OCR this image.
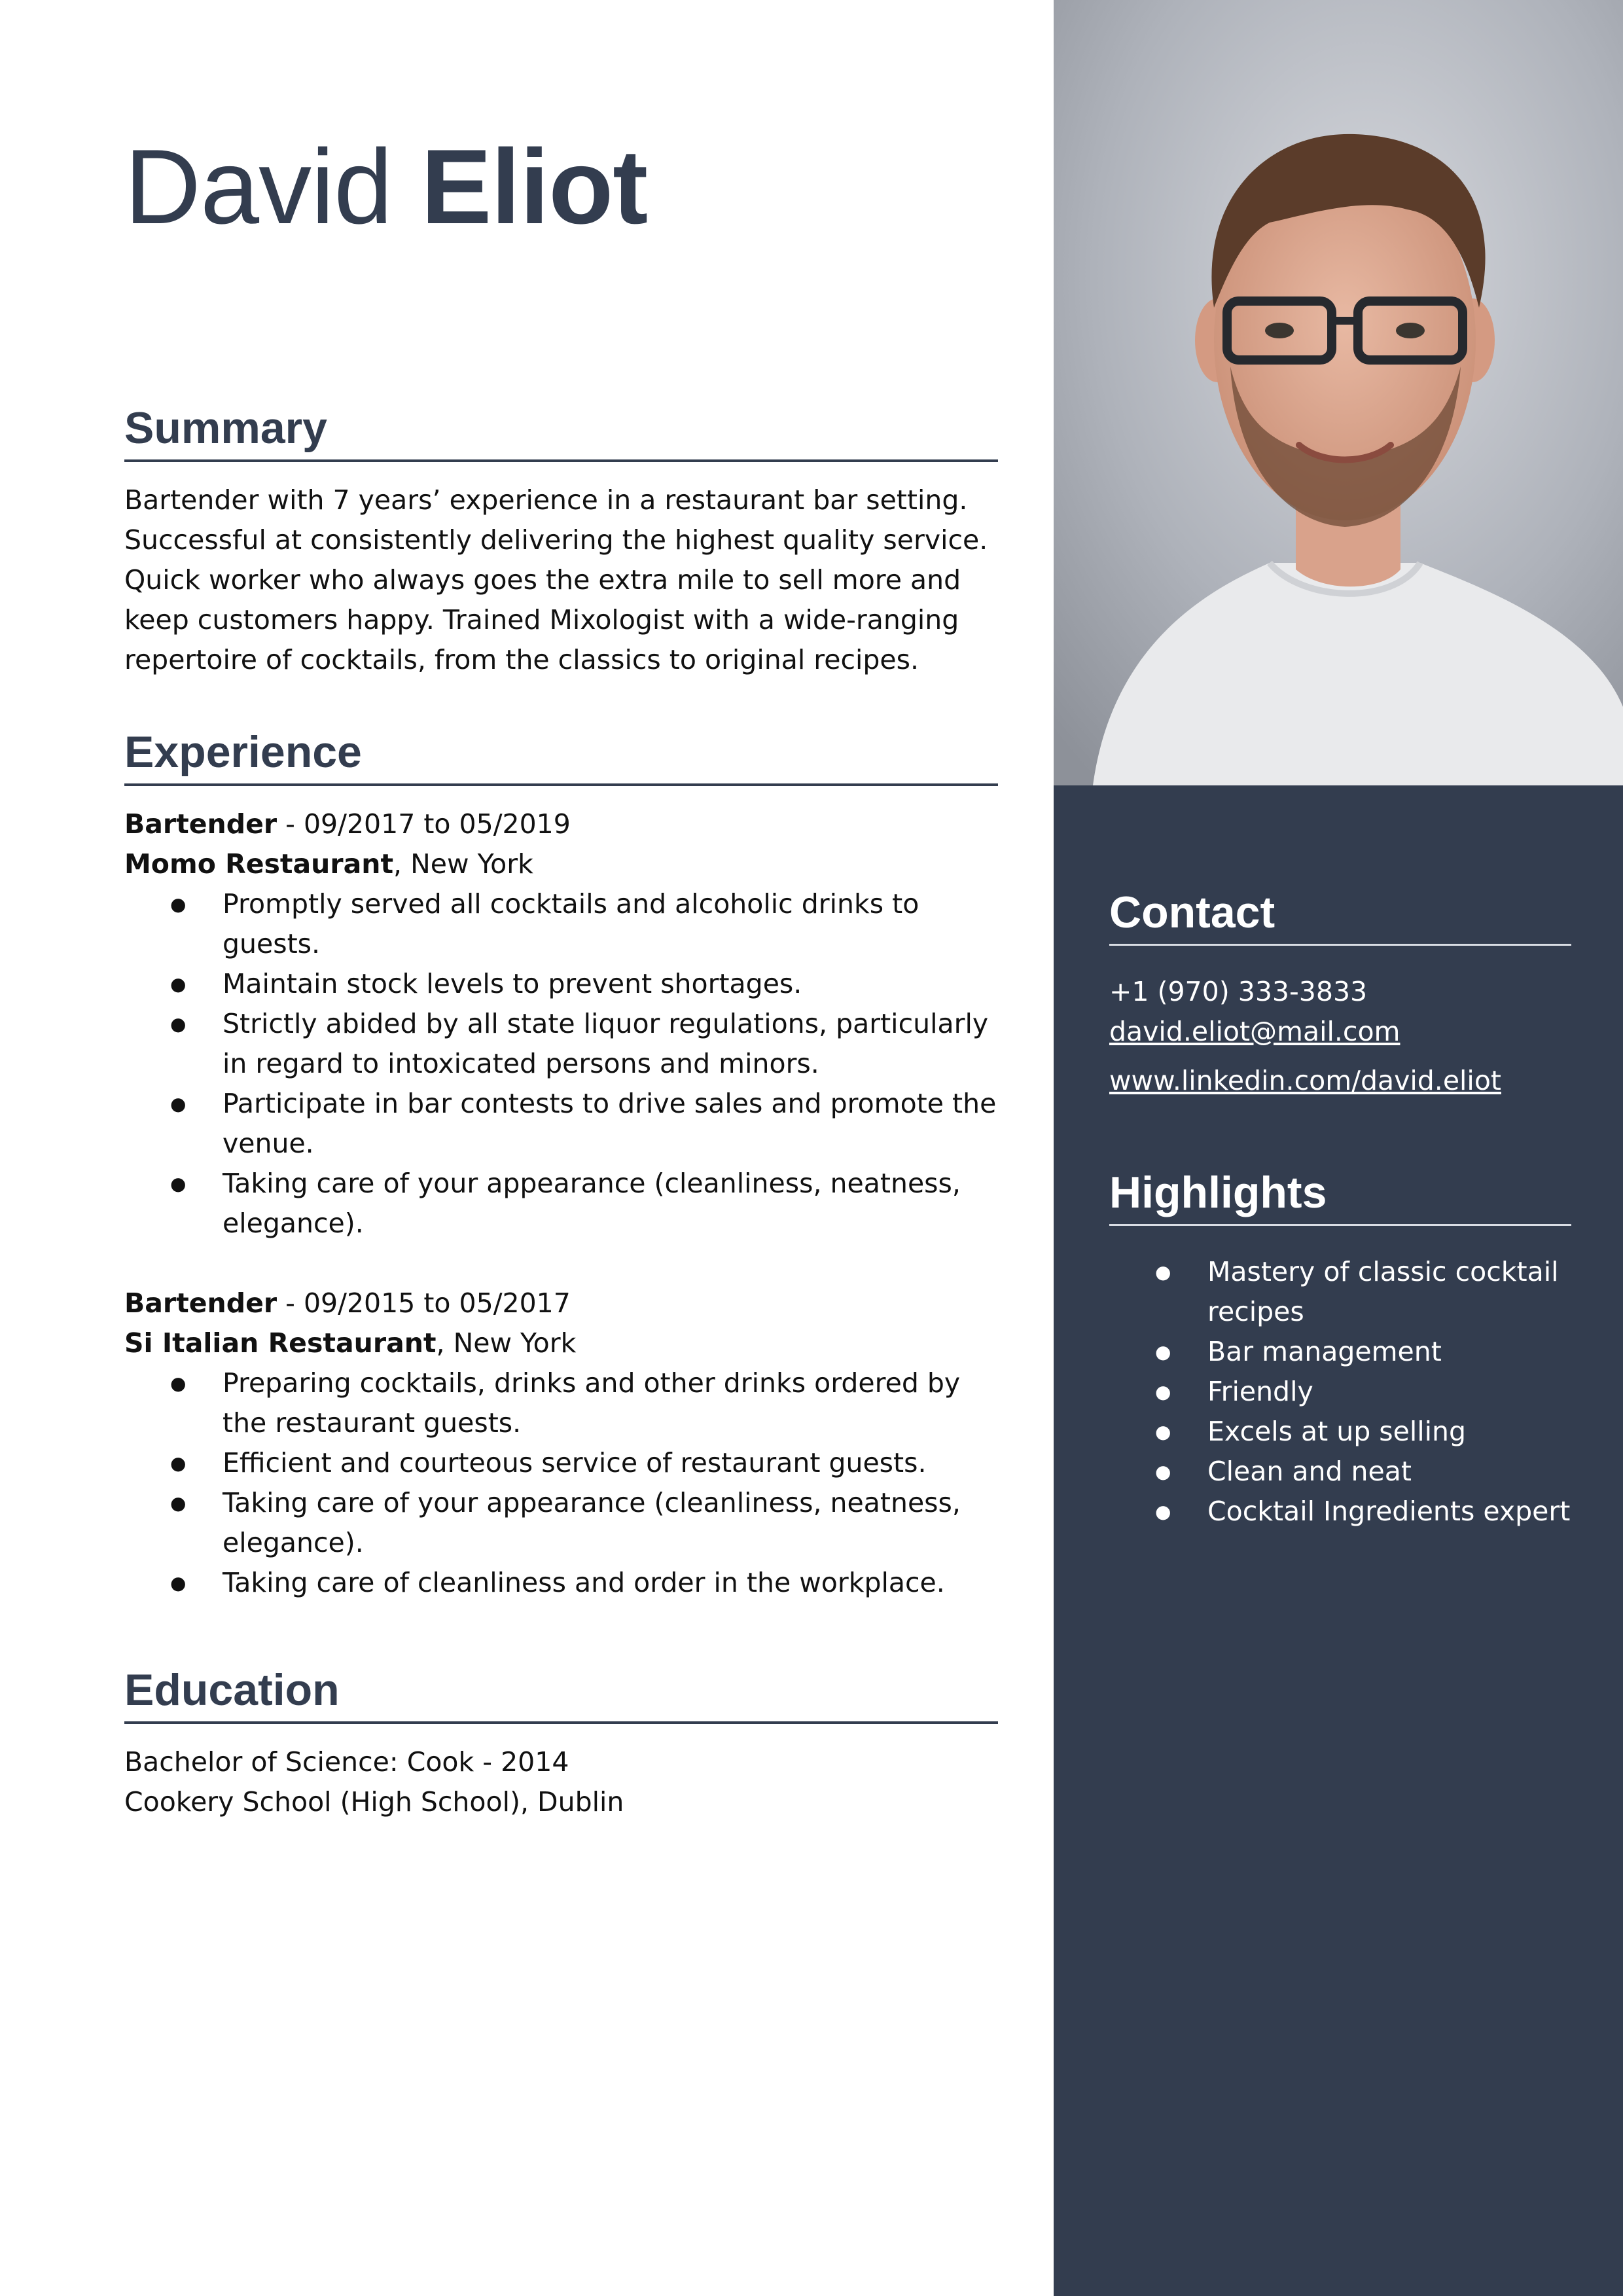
David Eliot
Summary

Bartender with 7 years’ experience in a restaurant bar setting. Successful at consistently delivering the highest quality service. Quick worker who always goes the extra mile to sell more and keep customers happy. Trained Mixologist with a wide-ranging repertoire of cocktails, from the classics to original recipes.

Experience

Bartender - 09/2017 to 05/2019

Momo Restaurant, New York

● Promptly served all cocktails and alcoholic drinks to guests.
● Maintain stock levels to prevent shortages.
● Strictly abided by all state liquor regulations, particularly in regard to intoxicated persons and minors.
● Participate in bar contests to drive sales and promote the venue.
● Taking care of your appearance (cleanliness, neatness, elegance).

Bartender - 09/2015 to 05/2017

Si Italian Restaurant, New York

● Preparing cocktails, drinks and other drinks ordered by the restaurant guests.
● Efficient and courteous service of restaurant guests.
● Taking care of your appearance (cleanliness, neatness, elegance).
● Taking care of cleanliness and order in the workplace.
Education

Bachelor of Science: Cook - 2014

Cookery School (High School), Dublin

Contact
+1 (970) 333-3833
david.eliot@mail.com
www.linkedin.com/david.eliot
Highlights
● Mastery of classic cocktail recipes
● Bar management
● Friendly
● Excels at up selling
● Clean and neat
● Cocktail Ingredients expert
